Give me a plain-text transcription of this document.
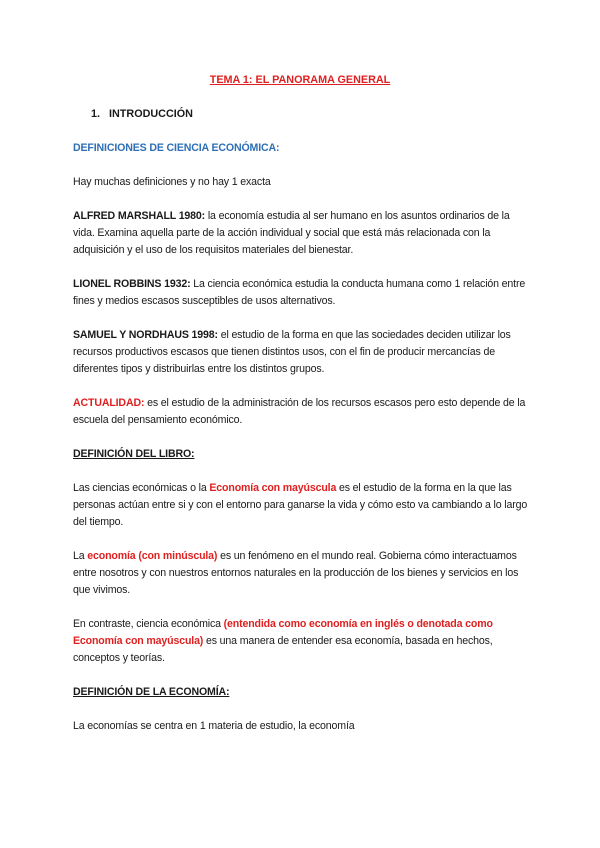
TEMA 1: EL PANORAMA GENERAL
1. INTRODUCCIÓN

DEFINICIONES DE CIENCIA ECONÓMICA:

Hay muchas definiciones y no hay 1 exacta

ALFRED MARSHALL 1980: la economía estudia al ser humano en los asuntos ordinarios de la vida. Examina aquella parte de la acción individual y social que está más relacionada con la adquisición y el uso de los requisitos materiales del bienestar.

LIONEL ROBBINS 1932: La ciencia económica estudia la conducta humana como 1 relación entre fines y medios escasos susceptibles de usos alternativos.

SAMUEL Y NORDHAUS 1998: el estudio de la forma en que las sociedades deciden utilizar los recursos productivos escasos que tienen distintos usos, con el fin de producir mercancías de diferentes tipos y distribuirlas entre los distintos grupos.

ACTUALIDAD: es el estudio de la administración de los recursos escasos pero esto depende de la escuela del pensamiento económico.

DEFINICIÓN DEL LIBRO:

Las ciencias económicas o la Economía con mayúscula es el estudio de la forma en la que las personas actúan entre si y con el entorno para ganarse la vida y cómo esto va cambiando a lo largo del tiempo.

La economía (con minúscula) es un fenómeno en el mundo real. Gobierna cómo interactuamos entre nosotros y con nuestros entornos naturales en la producción de los bienes y servicios en los que vivimos.

En contraste, ciencia económica (entendida como economía en inglés o denotada como Economía con mayúscula) es una manera de entender esa economía, basada en hechos, conceptos y teorías.

DEFINICIÓN DE LA ECONOMÍA:

La economías se centra en 1 materia de estudio, la economía
